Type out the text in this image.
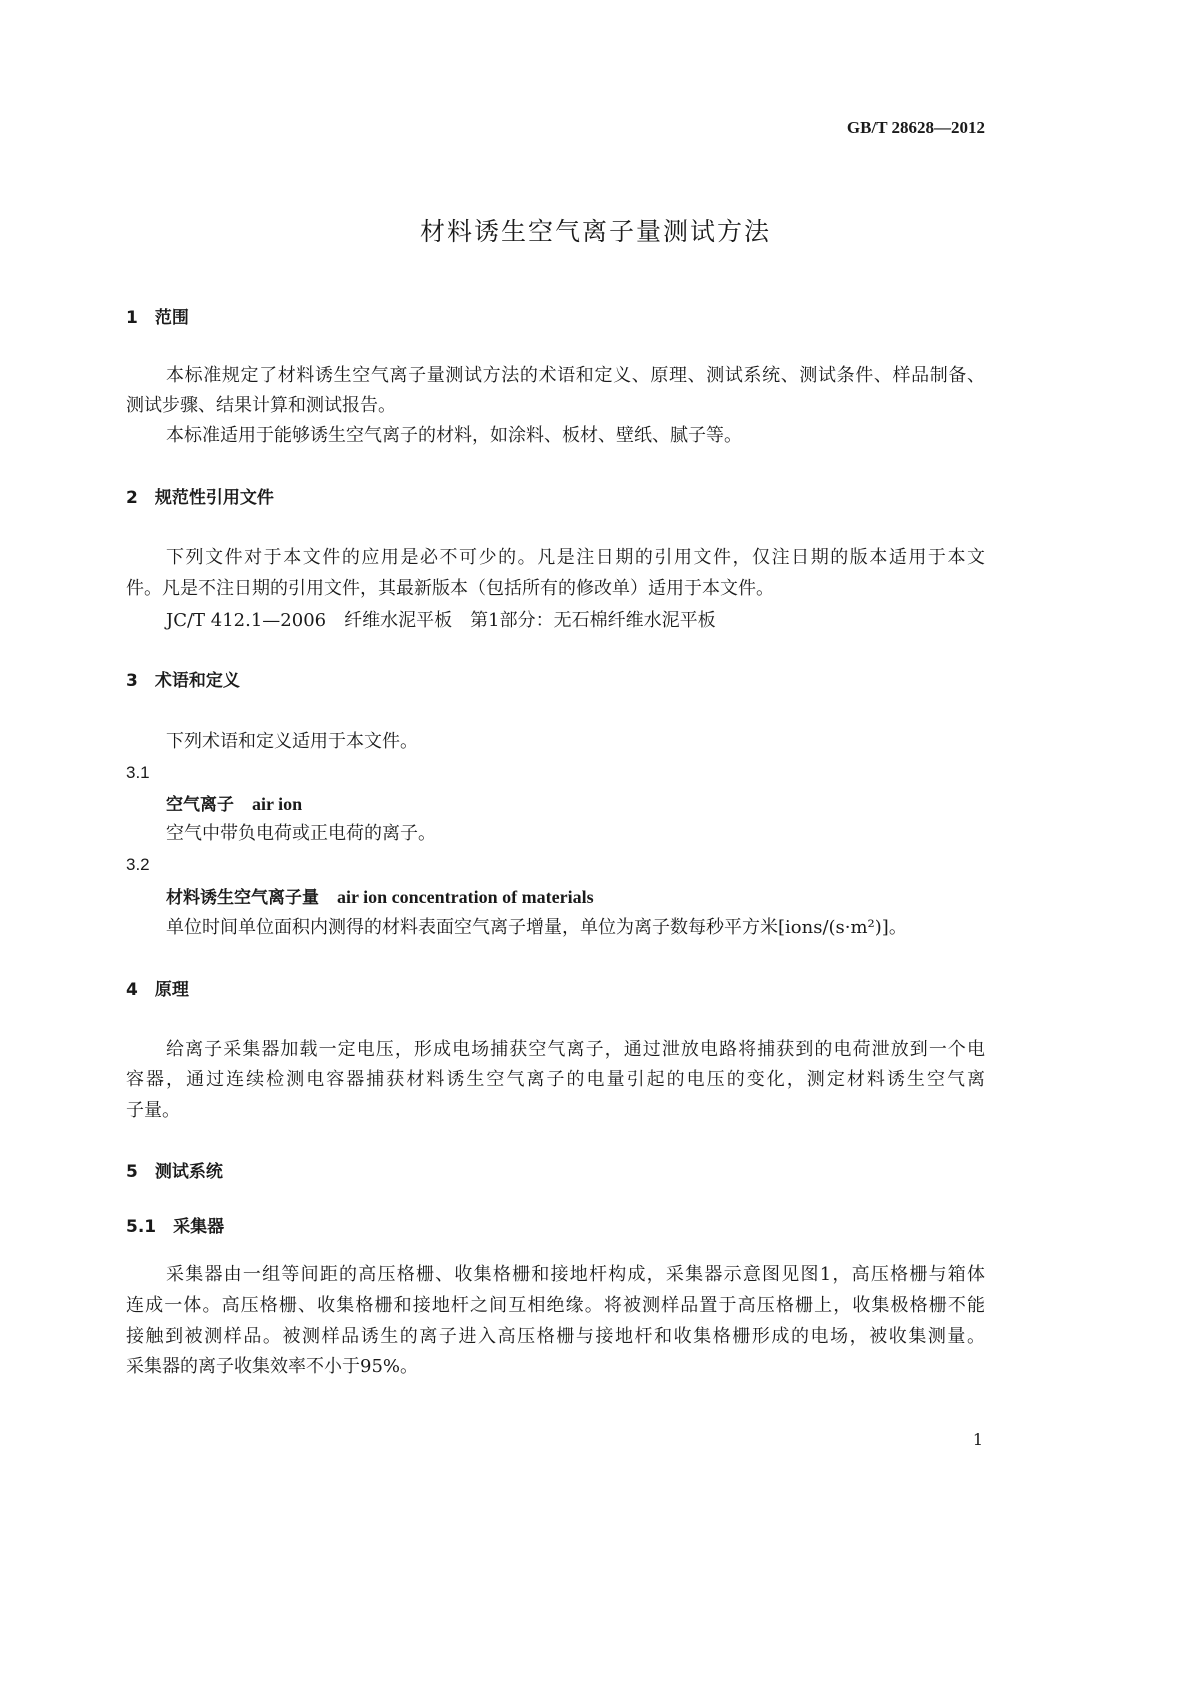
GB/T 28628—2012
材料诱生空气离子量测试方法
1　 范围
本标准规定了材料诱生空气离子量测试方法的术语和定义、原理、测试系统、测试条件、样品制备、
测试步骤、结果计算和测试报告。
本标准适用于能够诱生空气离子的材料，如涂料、板材、壁纸、腻子等。
2　 规范性引用文件
下列文件对于本文件的应用是必不可少的。凡是注日期的引用文件，仅注日期的版本适用于本文
件。凡是不注日期的引用文件，其最新版本（包括所有的修改单）适用于本文件。
JC/T 412.1—2006　纤维水泥平板　第1部分：无石棉纤维水泥平板
3　 术语和定义
下列术语和定义适用于本文件。
3.1
空气离子　 air ion
空气中带负电荷或正电荷的离子。
3.2
材料诱生空气离子量　 air ion concentration of materials
单位时间单位面积内测得的材料表面空气离子增量，单位为离子数每秒平方米[ions/(s·m²)]。
4　 原理
给离子采集器加载一定电压，形成电场捕获空气离子，通过泄放电路将捕获到的电荷泄放到一个电
容器，通过连续检测电容器捕获材料诱生空气离子的电量引起的电压的变化，测定材料诱生空气离
子量。
5　 测试系统
5.1　 采集器
采集器由一组等间距的高压格栅、收集格栅和接地杆构成，采集器示意图见图1，高压格栅与箱体
连成一体。高压格栅、收集格栅和接地杆之间互相绝缘。将被测样品置于高压格栅上，收集极格栅不能
接触到被测样品。被测样品诱生的离子进入高压格栅与接地杆和收集格栅形成的电场，被收集测量。
采集器的离子收集效率不小于95%。
1
